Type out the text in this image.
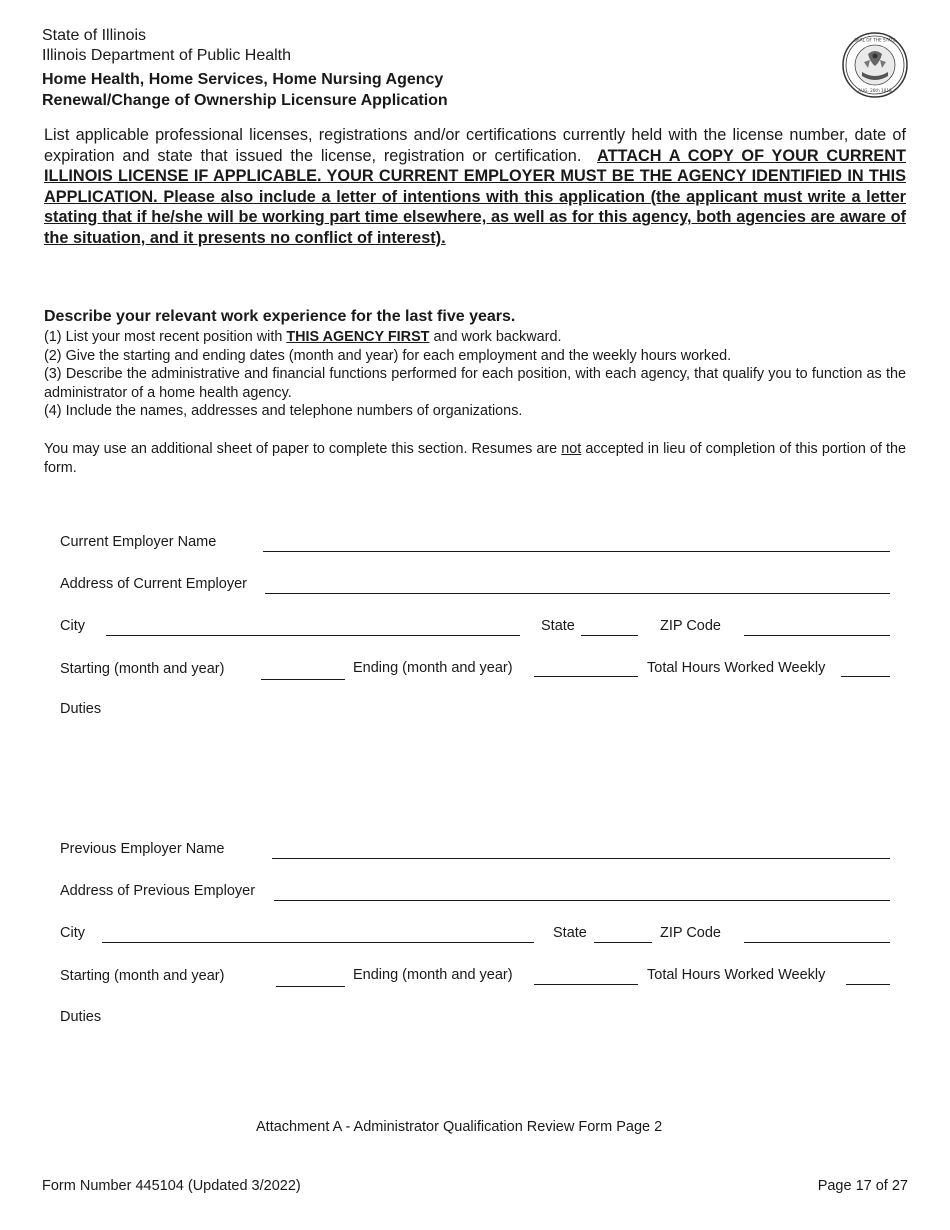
State of Illinois
Illinois Department of Public Health
Home Health, Home Services, Home Nursing Agency
Renewal/Change of Ownership Licensure Application
SEAL OF THE STATE
AUG. 26th 1818
List applicable professional licenses, registrations and/or certifications currently held with the license number, date of expiration and state that issued the license, registration or certification. ATTACH A COPY OF YOUR CURRENT ILLINOIS LICENSE IF APPLICABLE. YOUR CURRENT EMPLOYER MUST BE THE AGENCY IDENTIFIED IN THIS APPLICATION. Please also include a letter of intentions with this application (the applicant must write a letter stating that if he/she will be working part time elsewhere, as well as for this agency, both agencies are aware of the situation, and it presents no conflict of interest).
Describe your relevant work experience for the last five years.
(1) List your most recent position with THIS AGENCY FIRST and work backward.
(2) Give the starting and ending dates (month and year) for each employment and the weekly hours worked.
(3) Describe the administrative and financial functions performed for each position, with each agency, that qualify you to function as the administrator of a home health agency.
(4) Include the names, addresses and telephone numbers of organizations.
You may use an additional sheet of paper to complete this section. Resumes are not accepted in lieu of completion of this portion of the form.
Current Employer Name
Address of Current Employer
City	State	ZIP Code
Starting (month and year)	Ending (month and year)	Total Hours Worked Weekly
Duties
Previous Employer Name
Address of Previous Employer
City	State	ZIP Code
Starting (month and year)	Ending (month and year)	Total Hours Worked Weekly
Duties
Attachment A - Administrator Qualification Review Form Page 2
Form Number 445104 (Updated 3/2022)	Page 17 of 27
